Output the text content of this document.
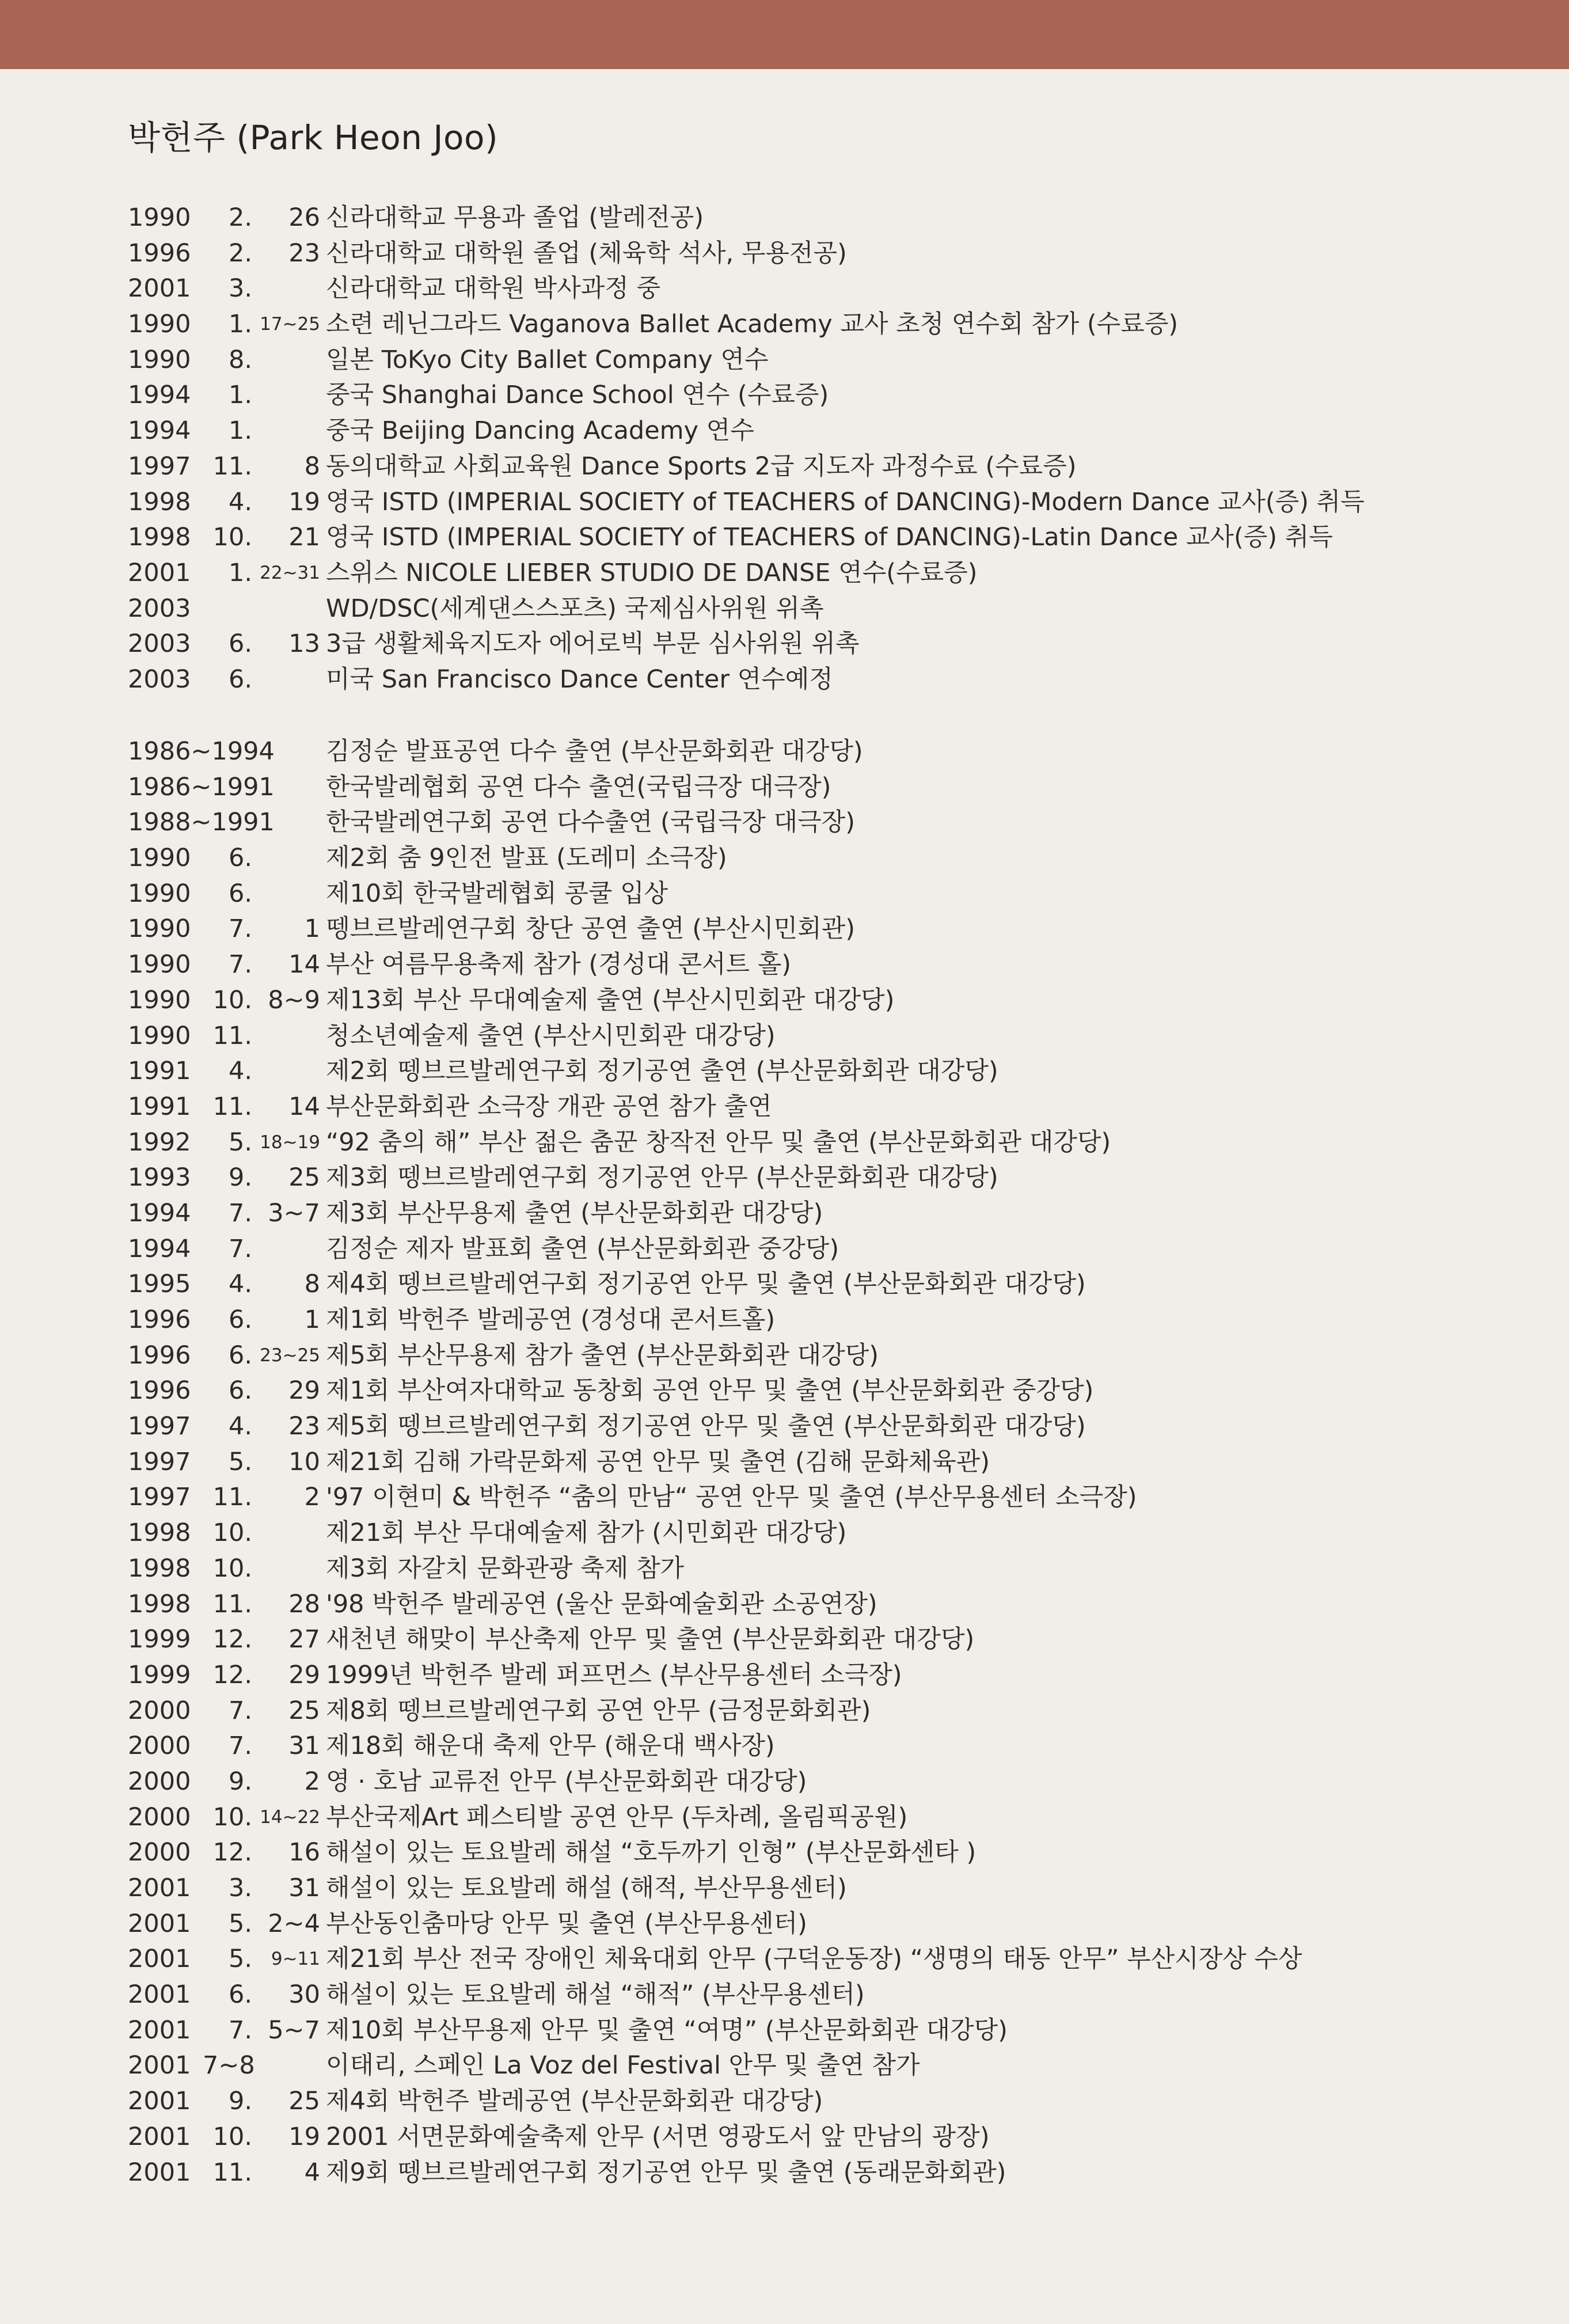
박헌주 (Park Heon Joo)
1990	2.	26 신라대학교 무용과 졸업 (발레전공)
1996	2.	23 신라대학교 대학원 졸업 (체육학 석사, 무용전공)
2001	3.	신라대학교 대학원 박사과정 중
1990	1. 17~25 소련 레닌그라드 Vaganova Ballet Academy 교사 초청 연수회 참가 (수료증)
1990	8.	일본 ToKyo City Ballet Company 연수
1994	1.	중국 Shanghai Dance School 연수 (수료증)
1994	1.	중국 Beijing Dancing Academy 연수
1997 11.	8 동의대학교 사회교육원 Dance Sports 2급 지도자 과정수료 (수료증)
1998	4.	19 영국 ISTD (IMPERIAL SOCIETY of TEACHERS of DANCING)-Modern Dance 교사(증) 취득
1998 10.	21 영국 ISTD (IMPERIAL SOCIETY of TEACHERS of DANCING)-Latin Dance 교사(증) 취득
2001	1. 22~31 스위스 NICOLE LIEBER STUDIO DE DANSE 연수(수료증)
2003	WD/DSC(세계댄스스포츠) 국제심사위원 위촉
2003	6.	13 3급 생활체육지도자 에어로빅 부문 심사위원 위촉
2003	6.	미국 San Francisco Dance Center 연수예정
1986~1994 김정순 발표공연 다수 출연 (부산문화회관 대강당)
1986~1991 한국발레협회 공연 다수 출연(국립극장 대극장)
1988~1991 한국발레연구회 공연 다수출연 (국립극장 대극장)
1990	6.	제2회 춤 9인전 발표 (도레미 소극장)
1990	6.	제10회 한국발레협회 콩쿨 입상
1990	7.	1 뗑브르발레연구회 창단 공연 출연 (부산시민회관)
1990	7.	14 부산 여름무용축제 참가 (경성대 콘서트 홀)
1990 10. 8~9 제13회 부산 무대예술제 출연 (부산시민회관 대강당)
1990 11.	청소년예술제 출연 (부산시민회관 대강당)
1991	4.	제2회 뗑브르발레연구회 정기공연 출연 (부산문화회관 대강당)
1991 11.	14 부산문화회관 소극장 개관 공연 참가 출연
1992	5. 18~19 “92 춤의 해” 부산 젊은 춤꾼 창작전 안무 및 출연 (부산문화회관 대강당)
1993	9.	25 제3회 뗑브르발레연구회 정기공연 안무 (부산문화회관 대강당)
1994	7. 3~7 제3회 부산무용제 출연 (부산문화회관 대강당)
1994	7.	김정순 제자 발표회 출연 (부산문화회관 중강당)
1995	4.	8 제4회 뗑브르발레연구회 정기공연 안무 및 출연 (부산문화회관 대강당)
1996	6.	1 제1회 박헌주 발레공연 (경성대 콘서트홀)
1996	6. 23~25 제5회 부산무용제 참가 출연 (부산문화회관 대강당)
1996	6.	29 제1회 부산여자대학교 동창회 공연 안무 및 출연 (부산문화회관 중강당)
1997	4.	23 제5회 뗑브르발레연구회 정기공연 안무 및 출연 (부산문화회관 대강당)
1997	5.	10 제21회 김해 가락문화제 공연 안무 및 출연 (김해 문화체육관)
1997 11.	2 '97 이현미 & 박헌주 “춤의 만남“ 공연 안무 및 출연 (부산무용센터 소극장)
1998 10.	제21회 부산 무대예술제 참가 (시민회관 대강당)
1998 10.	제3회 자갈치 문화관광 축제 참가
1998 11.	28 '98 박헌주 발레공연 (울산 문화예술회관 소공연장)
1999 12.	27 새천년 해맞이 부산축제 안무 및 출연 (부산문화회관 대강당)
1999 12.	29 1999년 박헌주 발레 퍼프먼스 (부산무용센터 소극장)
2000	7.	25 제8회 뗑브르발레연구회 공연 안무 (금정문화회관)
2000	7.	31 제18회 해운대 축제 안무 (해운대 백사장)
2000	9.	2 영 · 호남 교류전 안무 (부산문화회관 대강당)
2000 10. 14~22 부산국제Art 페스티발 공연 안무 (두차례, 올림픽공원)
2000 12.	16 해설이 있는 토요발레 해설 “호두까기 인형” (부산문화센타 )
2001	3.	31 해설이 있는 토요발레 해설 (해적, 부산무용센터)
2001	5. 2~4 부산동인춤마당 안무 및 출연 (부산무용센터)
2001	5.	9~11 제21회 부산 전국 장애인 체육대회 안무 (구덕운동장) “생명의 태동 안무” 부산시장상 수상
2001	6.	30 해설이 있는 토요발레 해설 “해적” (부산무용센터)
2001	7. 5~7 제10회 부산무용제 안무 및 출연 “여명” (부산문화회관 대강당)
2001 7~8	이태리, 스페인 La Voz del Festival 안무 및 출연 참가
2001	9.	25 제4회 박헌주 발레공연 (부산문화회관 대강당)
2001 10.	19 2001 서면문화예술축제 안무 (서면 영광도서 앞 만남의 광장)
2001 11.	4 제9회 뗑브르발레연구회 정기공연 안무 및 출연 (동래문화회관)
